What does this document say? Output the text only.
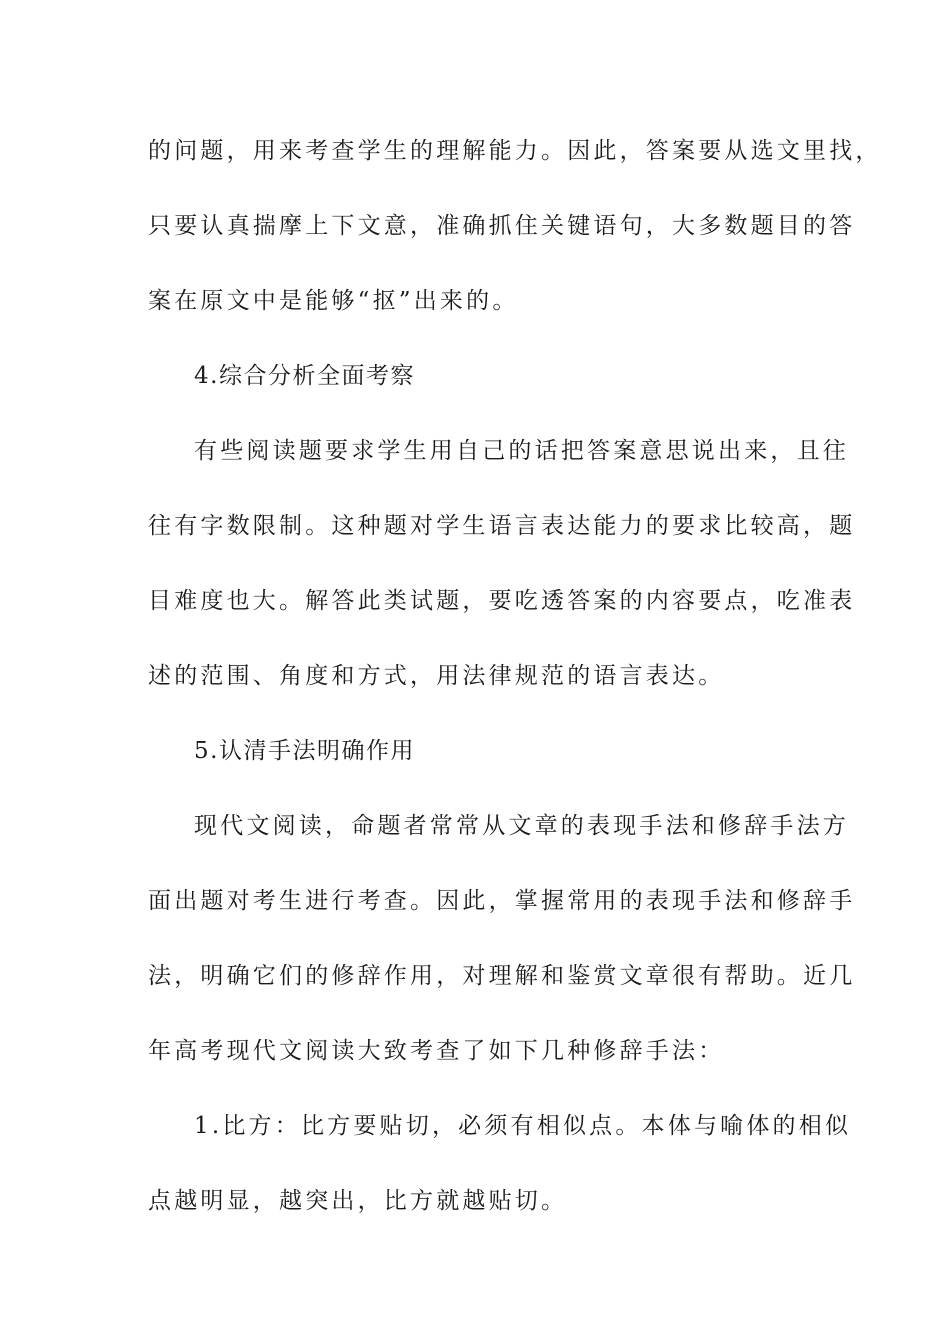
的问题，用来考查学生的理解能力。因此，答案要从选文里找，
只要认真揣摩上下文意，准确抓住关键语句，大多数题目的答
案在原文中是能够“抠”出来的。
4.综合分析全面考察
有些阅读题要求学生用自己的话把答案意思说出来，且往
往有字数限制。这种题对学生语言表达能力的要求比较高，题
目难度也大。解答此类试题，要吃透答案的内容要点，吃准表
述的范围、角度和方式，用法律规范的语言表达。
5.认清手法明确作用
现代文阅读，命题者常常从文章的表现手法和修辞手法方
面出题对考生进行考查。因此，掌握常用的表现手法和修辞手
法，明确它们的修辞作用，对理解和鉴赏文章很有帮助。近几
年高考现代文阅读大致考查了如下几种修辞手法：
1.比方：比方要贴切，必须有相似点。本体与喻体的相似
点越明显，越突出，比方就越贴切。
